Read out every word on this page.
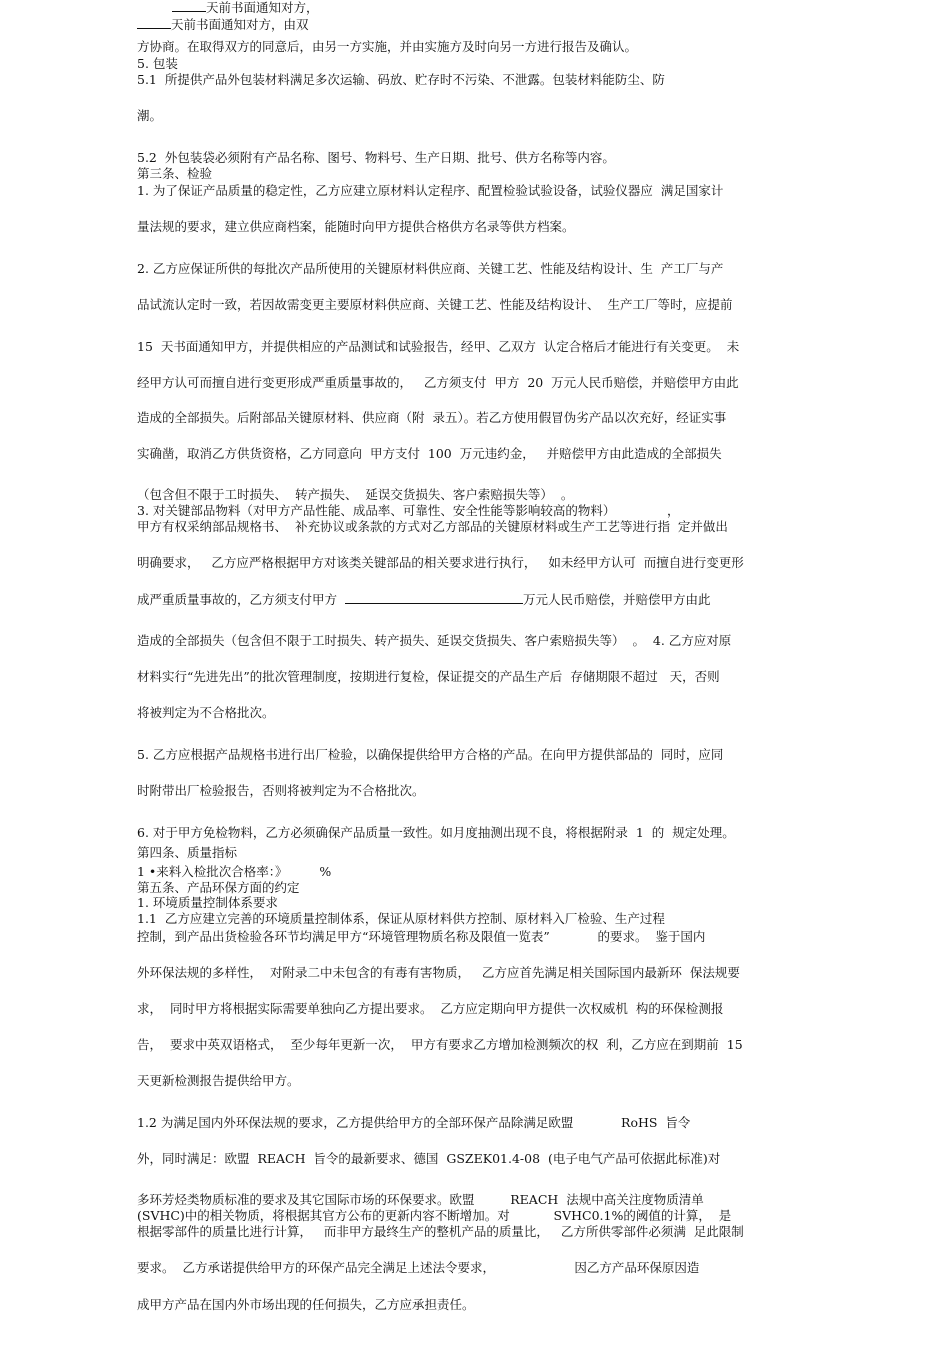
天前书面通知对方，
天前书面通知对方，由双
方协商。在取得双方的同意后，由另一方实施，并由实施方及时向另一方进行报告及确认。
5. 包装
5.1  所提供产品外包装材料满足多次运输、码放、贮存时不污染、不泄露。包装材料能防尘、防
潮。
5.2  外包装袋必须附有产品名称、图号、物料号、生产日期、批号、供方名称等内容。
第三条、检验
1. 为了保证产品质量的稳定性，乙方应建立原材料认定程序、配置检验试验设备，试验仪器应  满足国家计
量法规的要求，建立供应商档案，能随时向甲方提供合格供方名录等供方档案。
2. 乙方应保证所供的每批次产品所使用的关键原材料供应商、关键工艺、性能及结构设计、生  产工厂与产
品试流认定时一致，若因故需变更主要原材料供应商、关键工艺、性能及结构设计、  生产工厂等时，应提前
15  天书面通知甲方，并提供相应的产品测试和试验报告，经甲、乙双方  认定合格后才能进行有关变更。  未
经甲方认可而擅自进行变更形成严重质量事故的，   乙方须支付  甲方  20  万元人民币赔偿，并赔偿甲方由此
造成的全部损失。后附部品关键原材料、供应商（附  录五）。若乙方使用假冒伪劣产品以次充好，经证实事
实确凿，取消乙方供货资格，乙方同意向  甲方支付  100  万元违约金，   并赔偿甲方由此造成的全部损失
（包含但不限于工时损失、  转产损失、  延误交货损失、客户索赔损失等）  。
3. 对关键部品物料（对甲方产品性能、成品率、可靠性、安全性能等影响较高的物料）             ，
甲方有权采纳部品规格书、  补充协议或条款的方式对乙方部品的关键原材料或生产工艺等进行指  定并做出
明确要求，   乙方应严格根据甲方对该类关键部品的相关要求进行执行，   如未经甲方认可  而擅自进行变更形
成严重质量事故的，乙方须支付甲方	万元人民币赔偿，并赔偿甲方由此
造成的全部损失（包含但不限于工时损失、转产损失、延误交货损失、客户索赔损失等）  。  4. 乙方应对原
材料实行“先进先出”的批次管理制度，按期进行复检，保证提交的产品生产后  存储期限不超过   天，否则
将被判定为不合格批次。
5. 乙方应根据产品规格书进行出厂检验，以确保提供给甲方合格的产品。在向甲方提供部品的  同时，应同
时附带出厂检验报告，否则将被判定为不合格批次。
6. 对于甲方免检物料，乙方必须确保产品质量一致性。如月度抽测出现不良，将根据附录  1  的  规定处理。
第四条、质量指标
1 •来料入检批次合格率：》        %
第五条、产品环保方面的约定
1. 环境质量控制体系要求
1.1  乙方应建立完善的环境质量控制体系，保证从原材料供方控制、原材料入厂检验、生产过程
控制，到产品出货检验各环节均满足甲方“环境管理物质名称及限值一览表”            的要求。  鉴于国内
外环保法规的多样性，  对附录二中未包含的有毒有害物质，   乙方应首先满足相关国际国内最新环  保法规要
求，  同时甲方将根据实际需要单独向乙方提出要求。  乙方应定期向甲方提供一次权威机  构的环保检测报
告，  要求中英双语格式，  至少每年更新一次，  甲方有要求乙方增加检测频次的权  利，乙方应在到期前  15
天更新检测报告提供给甲方。
1.2 为满足国内外环保法规的要求，乙方提供给甲方的全部环保产品除满足欧盟            RoHS  旨令
外，同时满足：欧盟  REACH  旨令的最新要求、德国  GSZEK01.4-08  (电子电气产品可依据此标准)对
多环芳烃类物质标准的要求及其它国际市场的环保要求。欧盟         REACH  法规中高关注度物质清单
(SVHC)中的相关物质，将根据其官方公布的更新内容不断增加。对           SVHC0.1%的阈值的计算，  是
根据零部件的质量比进行计算，   而非甲方最终生产的整机产品的质量比，   乙方所供零部件必须满  足此限制
要求。  乙方承诺提供给甲方的环保产品完全满足上述法令要求，                    因乙方产品环保原因造
成甲方产品在国内外市场出现的任何损失，乙方应承担责任。
